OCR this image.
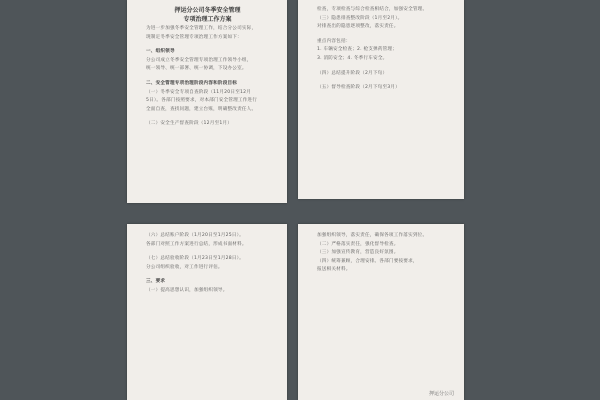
押运分公司冬季安全管理
专项治理工作方案
为进一步加强冬季安全管理工作，结合分公司实际，
现制定冬季安全管理专项治理工作方案如下：
一、组织领导
分公司成立冬季安全管理专项治理工作领导小组，
统一领导、统一部署、统一协调，下设办公室。
二、安全管理专项治理阶段内容和阶段目标
（一）冬季安全专项自查阶段（11月20日至12月
5日）。各部门按照要求，对本部门安全管理工作进行
全面自查，查找问题，建立台账，明确整改责任人。
（二）安全生产督查阶段（12月至1月）
检查，专项检查与综合检查相结合，加强安全管理。
（三）隐患排查整改阶段（1月至2月）。
对排查出的隐患逐项整改，落实责任。
重点内容包括：
1. 车辆安全检查；2. 枪支弹药管理；
3. 消防安全；4. 冬季行车安全。
（四）总结提升阶段（2月下旬）
（五）督导检查阶段（2月下旬至3月）
（六）总结账户阶段（1月20日至1月25日）。
各部门对照工作方案进行总结，形成书面材料。
（七）总结验收阶段（1月23日至1月28日）。
分公司组织验收，对工作进行评估。
三、要求
（一）提高思想认识，加强组织领导。
加强组织领导，落实责任，确保各项工作落实到位。
（二）严格落实责任，强化督导检查。
（三）加强宣传教育，营造良好氛围。
（四）统筹兼顾，合理安排。各部门要按要求，
报送相关材料。
押运分公司
